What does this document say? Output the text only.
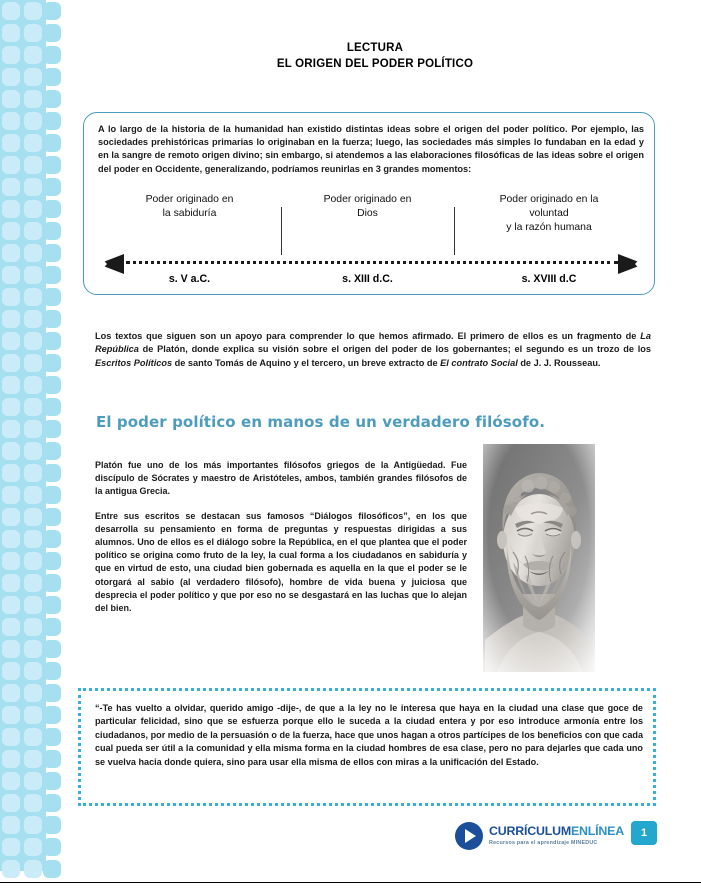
LECTURA
EL ORIGEN DEL PODER POLÍTICO
A lo largo de la historia de la humanidad han existido distintas ideas sobre el origen del poder político. Por ejemplo, las sociedades prehistóricas primarias lo originaban en la fuerza; luego, las sociedades más simples lo fundaban en la edad y en la sangre de remoto origen divino; sin embargo, si atendemos a las elaboraciones filosóficas de las ideas sobre el origen del poder en Occidente, generalizando, podríamos reunirlas en 3 grandes momentos:
Poder originado en
la sabiduría
Poder originado en
Dios
Poder originado en la
voluntad
y la razón humana
s. V a.C.	s. XIII d.C.	s. XVIII d.C
Los textos que siguen son un apoyo para comprender lo que hemos afirmado. El primero de ellos es un fragmento de La República de Platón, donde explica su visión sobre el origen del poder de los gobernantes; el segundo es un trozo de los Escritos Políticos de santo Tomás de Aquino y el tercero, un breve extracto de El contrato Social de J. J. Rousseau.
El poder político en manos de un verdadero filósofo.

Platón fue uno de los más importantes filósofos griegos de la Antigüedad. Fue discípulo de Sócrates y maestro de Aristóteles, ambos, también grandes filósofos de la antigua Grecia.

Entre sus escritos se destacan sus famosos “Diálogos filosóficos”, en los que desarrolla su pensamiento en forma de preguntas y respuestas dirigidas a sus alumnos. Uno de ellos es el diálogo sobre la República, en el que plantea que el poder político se origina como fruto de la ley, la cual forma a los ciudadanos en sabiduría y que en virtud de esto, una ciudad bien gobernada es aquella en la que el poder se le otorgará al sabio (al verdadero filósofo), hombre de vida buena y juiciosa que desprecia el poder político y que por eso no se desgastará en las luchas que lo alejan del bien.

“-Te has vuelto a olvidar, querido amigo -dije-, de que a la ley no le interesa que haya en la ciudad una clase que goce de particular felicidad, sino que se esfuerza porque ello le suceda a la ciudad entera y por eso introduce armonía entre los ciudadanos, por medio de la persuasión o de la fuerza, hace que unos hagan a otros partícipes de los beneficios con que cada cual pueda ser útil a la comunidad y ella misma forma en la ciudad hombres de esa clase, pero no para dejarles que cada uno se vuelva hacia donde quiera, sino para usar ella misma de ellos con miras a la unificación del Estado.
CURRÍCULUMENLÍNEA
Recursos para el aprendizaje MINEDUC
1
